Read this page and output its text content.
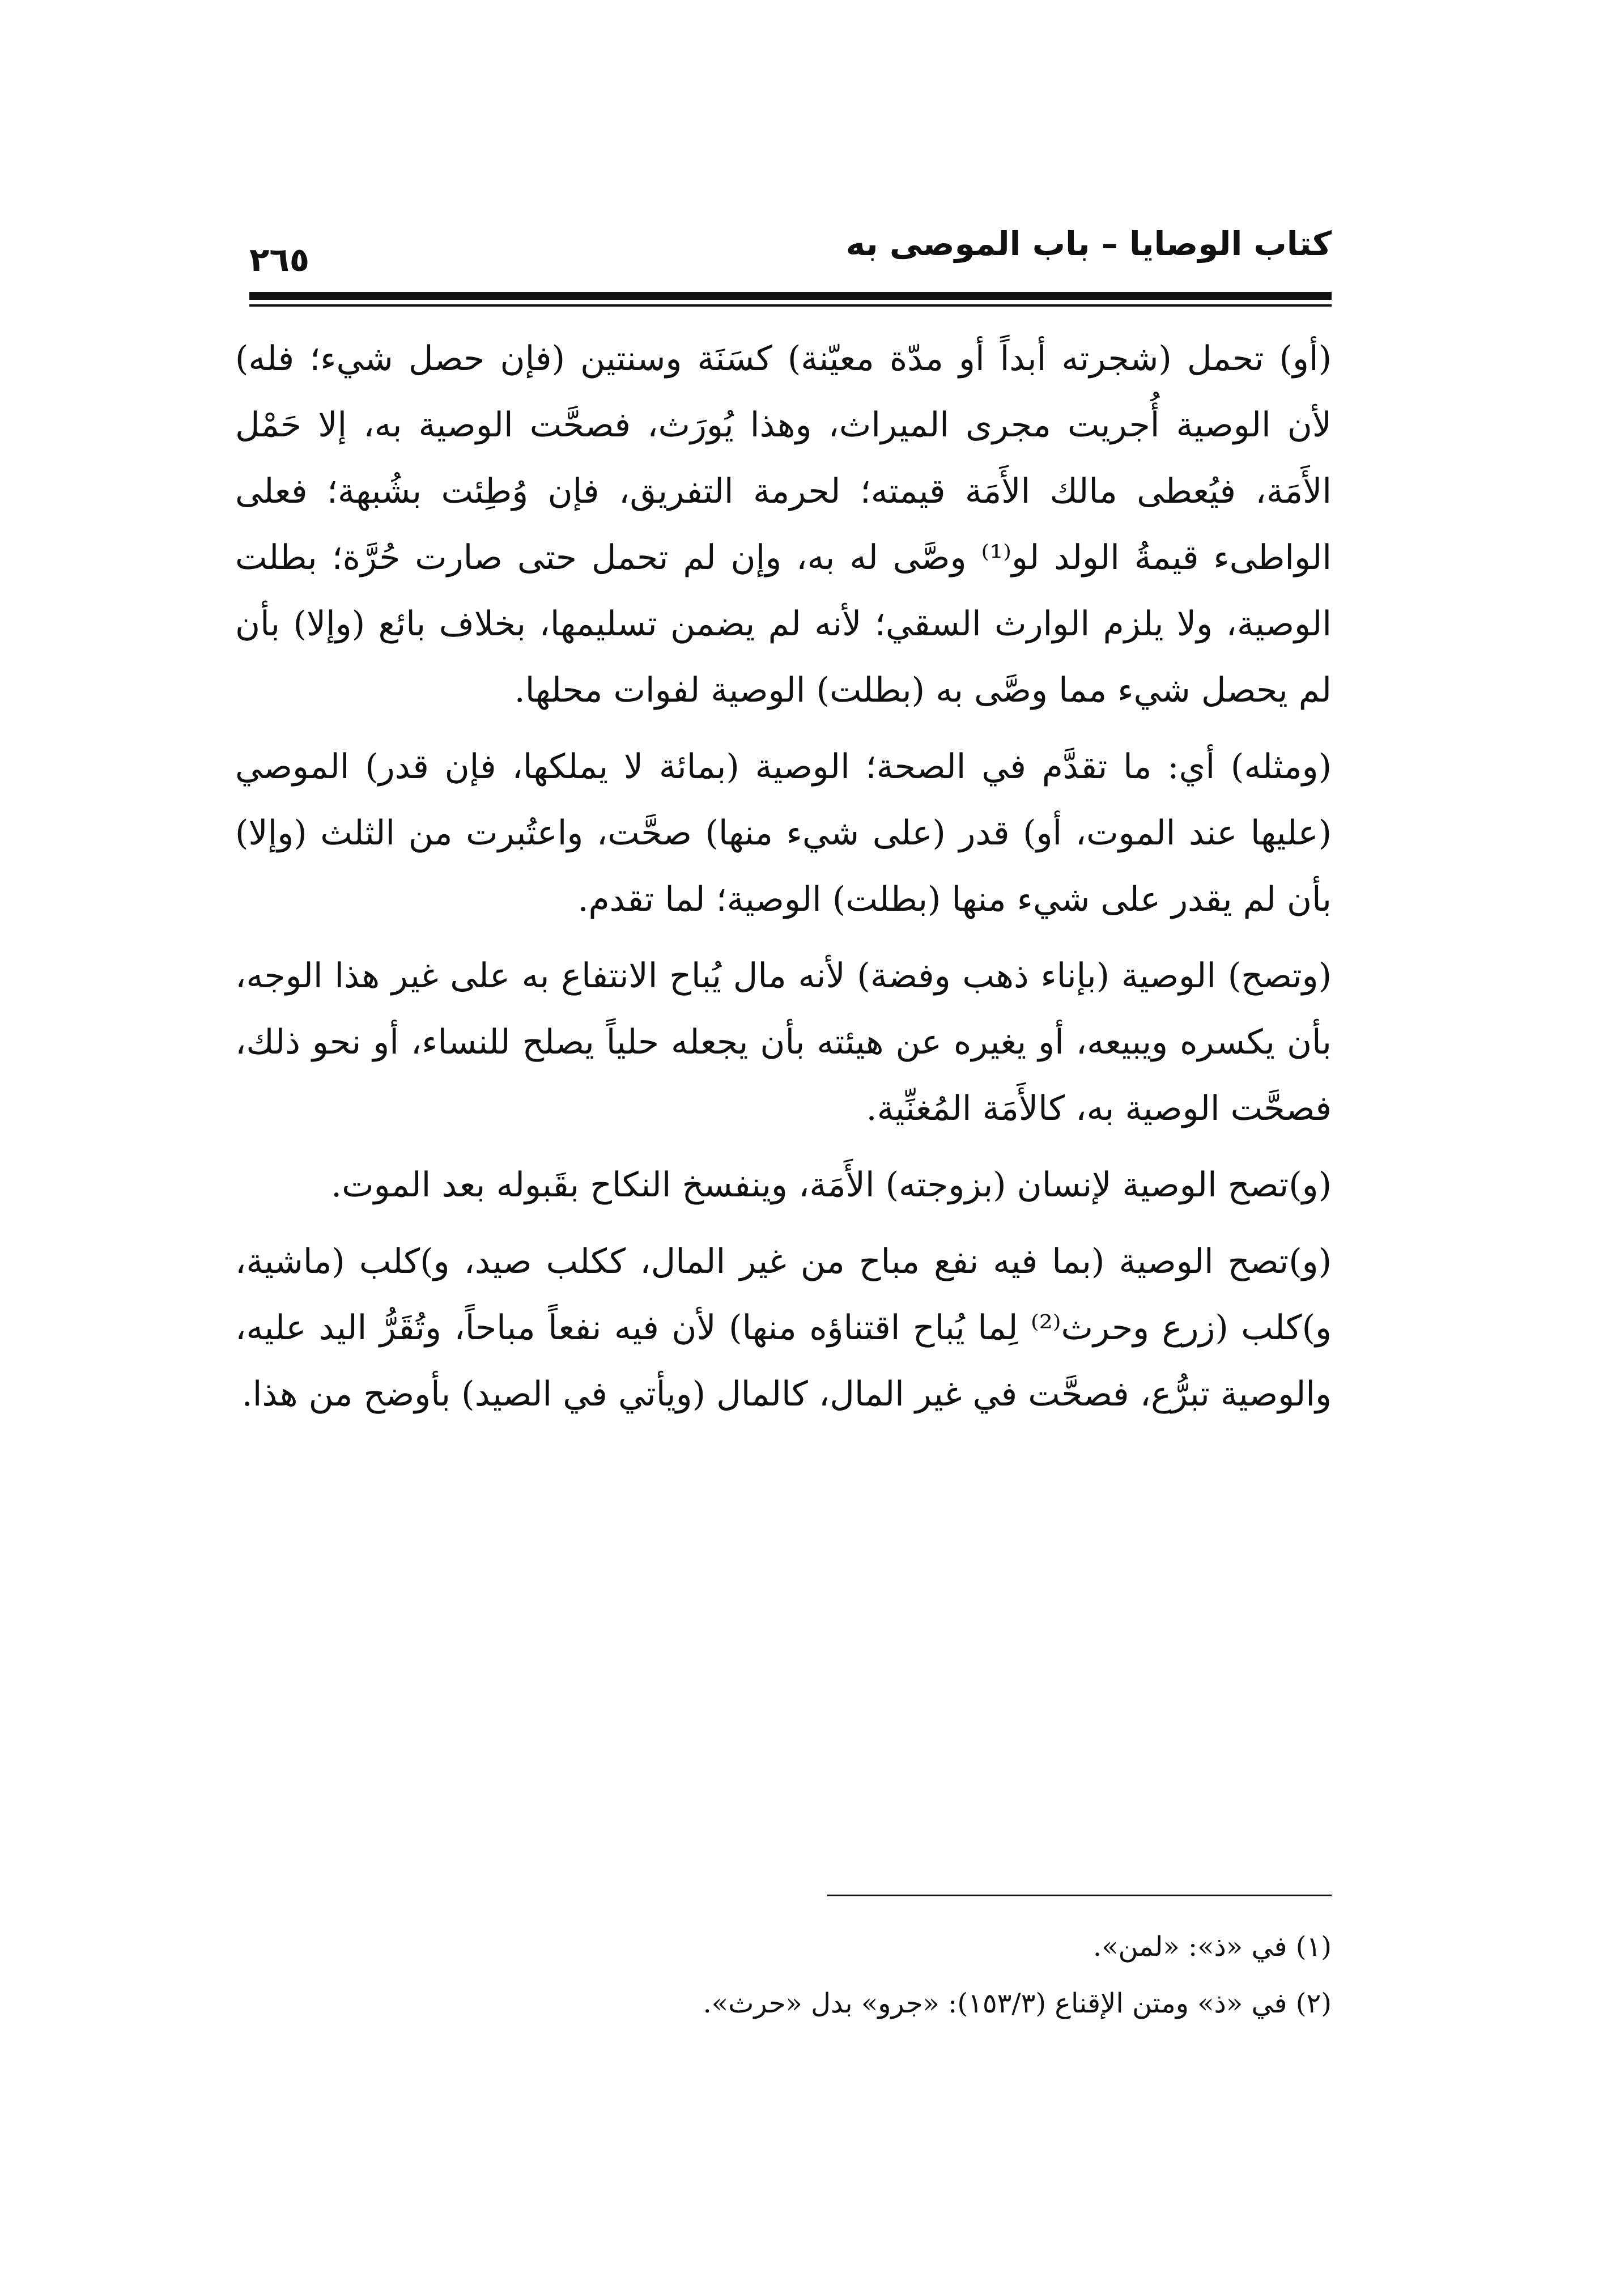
كتاب الوصايا – باب الموصى به
٢٦٥

(أو) تحمل (شجرته أبداً أو مدّة معيّنة) كسَنَة وسنتين (فإن حصل شيء؛ فله) لأن الوصية أُجريت مجرى الميراث، وهذا يُورَث، فصحَّت الوصية به، إلا حَمْل الأَمَة، فيُعطى مالك الأَمَة قيمته؛ لحرمة التفريق، فإن وُطِئت بشُبهة؛ فعلى الواطىء قيمةُ الولد لو⁽¹⁾ وصَّى له به، وإن لم تحمل حتى صارت حُرَّة؛ بطلت الوصية، ولا يلزم الوارث السقي؛ لأنه لم يضمن تسليمها، بخلاف بائع (وإلا) بأن لم يحصل شيء مما وصَّى به (بطلت) الوصية لفوات محلها.

(ومثله) أي: ما تقدَّم في الصحة؛ الوصية (بمائة لا يملكها، فإن قدر) الموصي (عليها عند الموت، أو) قدر (على شيء منها) صحَّت، واعتُبرت من الثلث (وإلا) بأن لم يقدر على شيء منها (بطلت) الوصية؛ لما تقدم.

(وتصح) الوصية (بإناء ذهب وفضة) لأنه مال يُباح الانتفاع به على غير هذا الوجه، بأن يكسره ويبيعه، أو يغيره عن هيئته بأن يجعله حلياً يصلح للنساء، أو نحو ذلك، فصحَّت الوصية به، كالأَمَة المُغنِّية.

(و)تصح الوصية لإنسان (بزوجته) الأَمَة، وينفسخ النكاح بقَبوله بعد الموت.

(و)تصح الوصية (بما فيه نفع مباح من غير المال، ككلب صيد، و)كلب (ماشية، و)كلب (زرع وحرث⁽²⁾ لِما يُباح اقتناؤه منها) لأن فيه نفعاً مباحاً، وتُقَرُّ اليد عليه، والوصية تبرُّع، فصحَّت في غير المال، كالمال (ويأتي في الصيد) بأوضح من هذا.

(١) في «ذ»: «لمن».

(٢) في «ذ» ومتن الإقناع (١٥٣/٣): «جرو» بدل «حرث».
